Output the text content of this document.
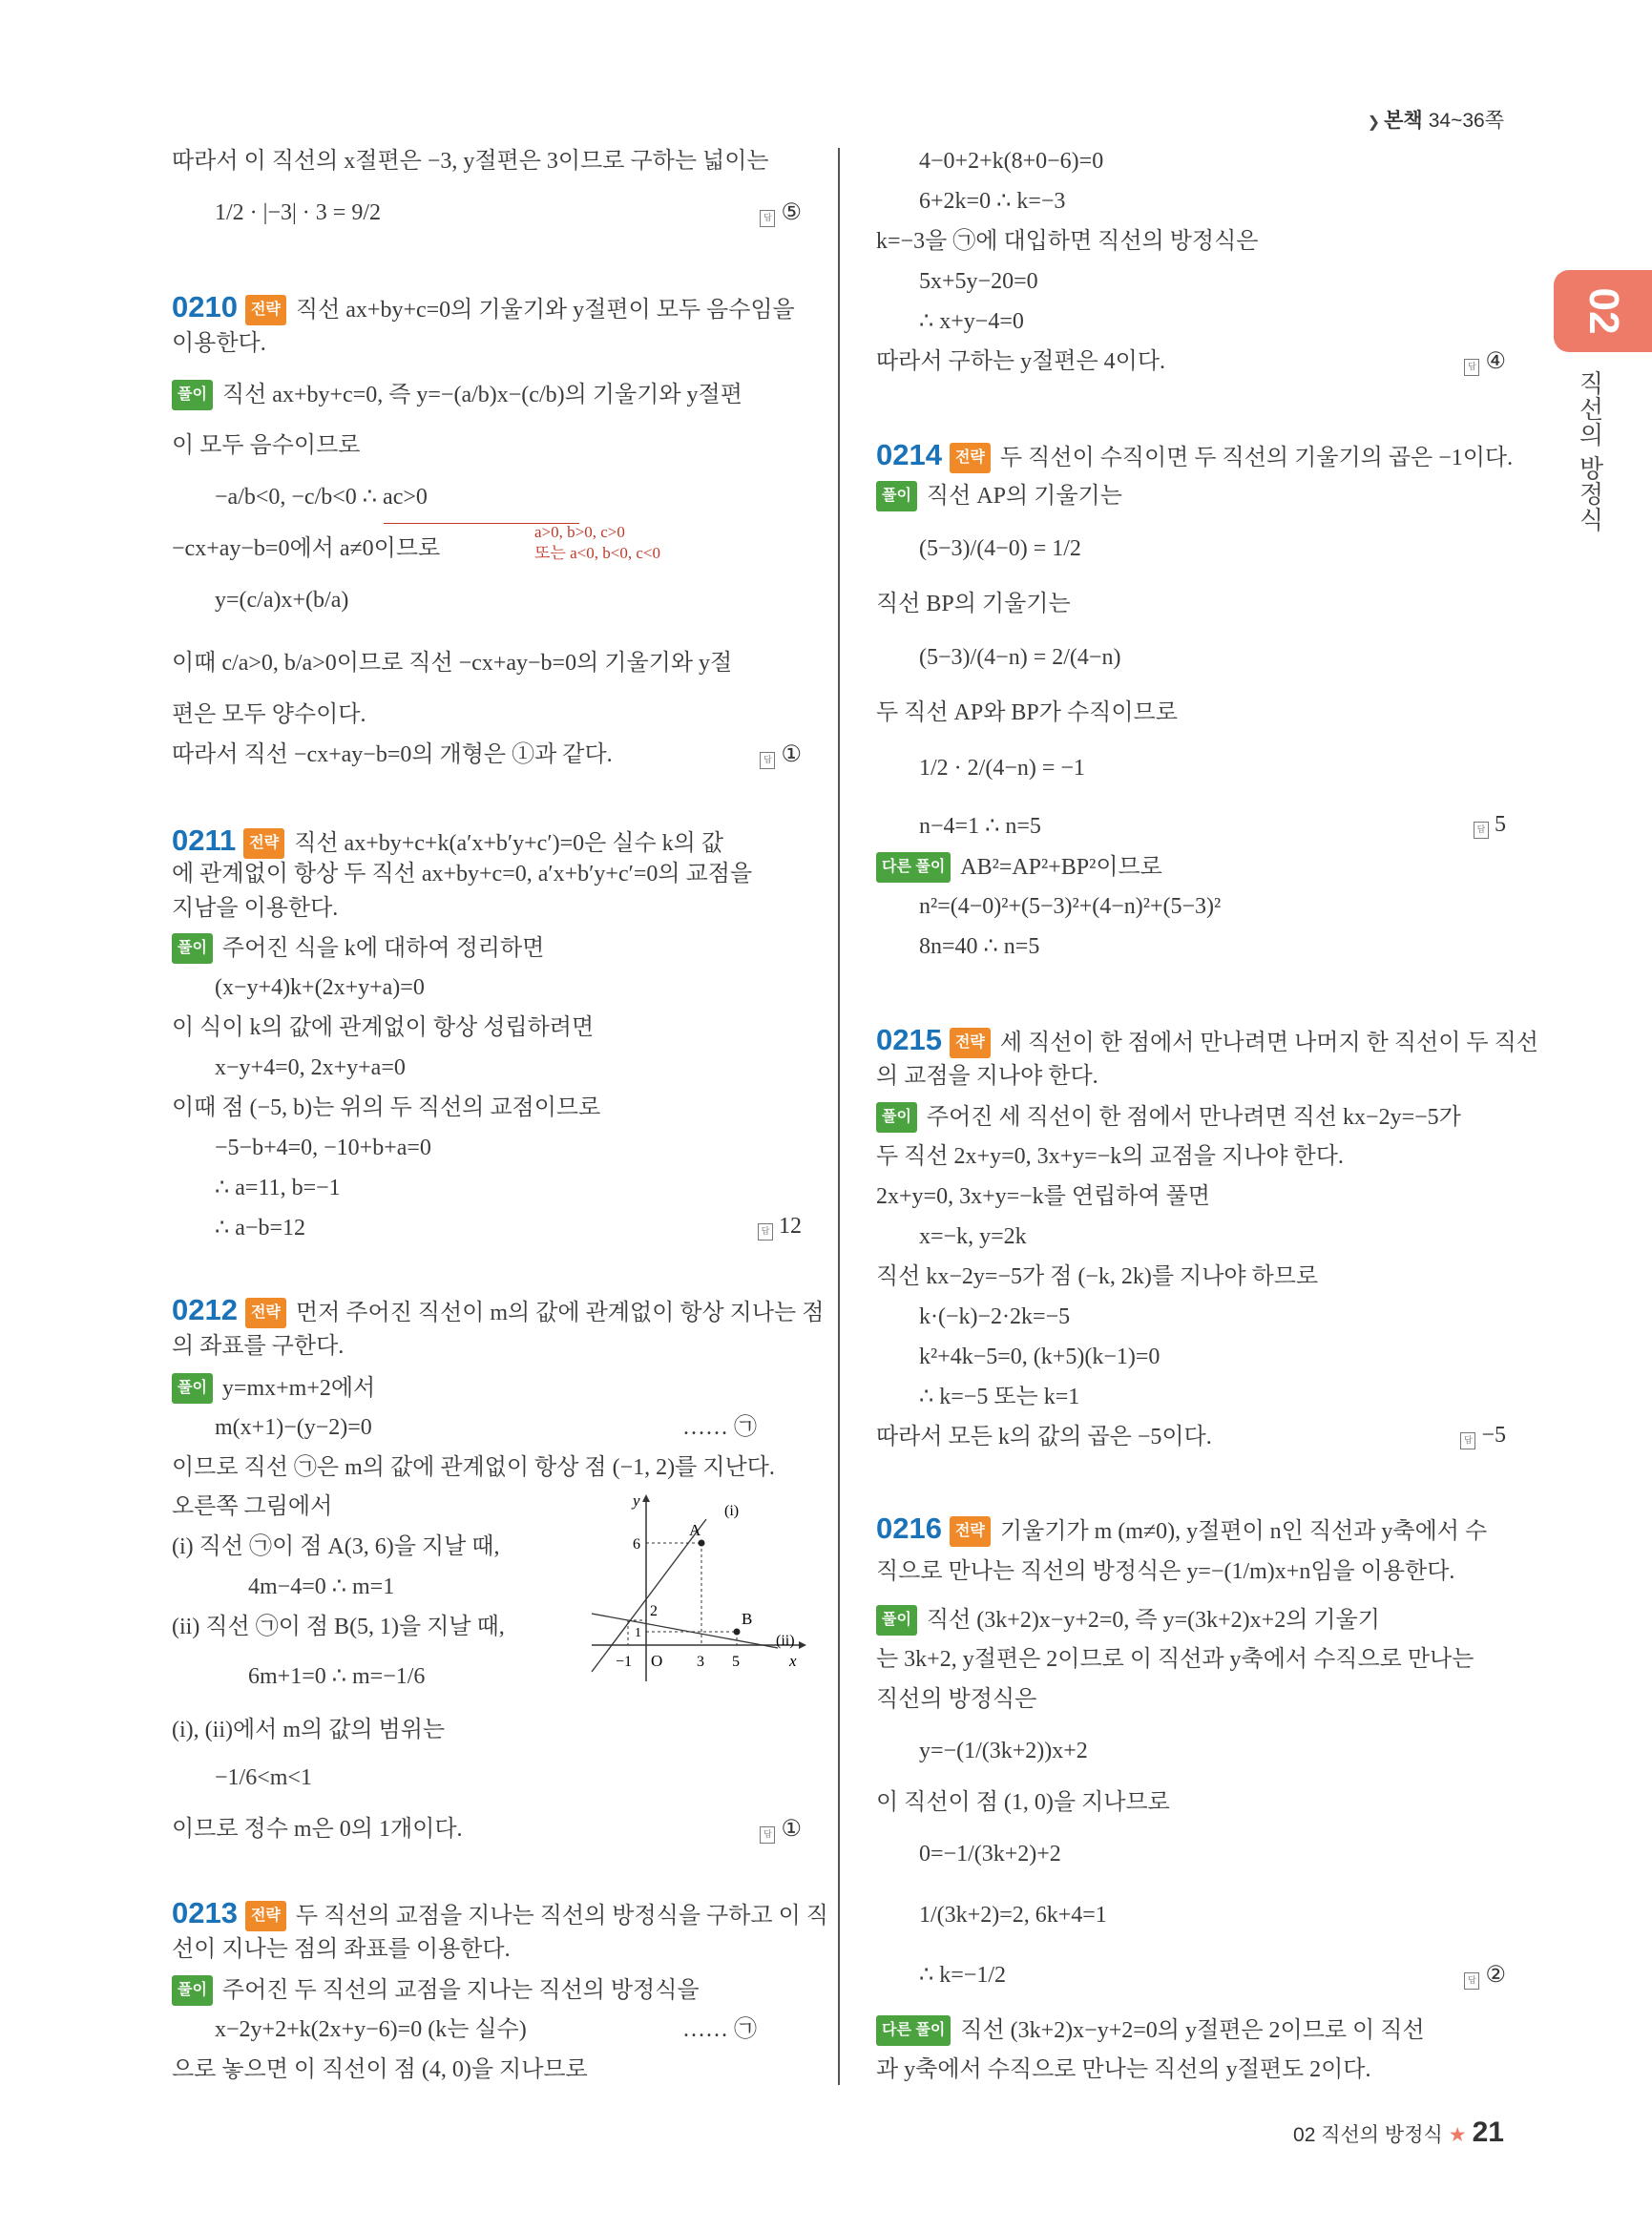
❯ 본책 34~36쪽
02
직선의 방정식
따라서 이 직선의 x절편은 −3, y절편은 3이므로 구하는 넓이는
1/2 · |−3| · 3 = 9/2	답 ⑤
0210 전략 직선 ax+by+c=0의 기울기와 y절편이 모두 음수임을
이용한다.
풀이 직선 ax+by+c=0, 즉 y=−(a/b)x−(c/b)의 기울기와 y절편
이 모두 음수이므로
−a/b<0, −c/b<0 ∴ ac>0
−cx+ay−b=0에서 a≠0이므로
a>0, b>0, c>0
또는 a<0, b<0, c<0
y=(c/a)x+(b/a)
이때 c/a>0, b/a>0이므로 직선 −cx+ay−b=0의 기울기와 y절
편은 모두 양수이다.
따라서 직선 −cx+ay−b=0의 개형은 ①과 같다.	답 ①
0211 전략 직선 ax+by+c+k(a′x+b′y+c′)=0은 실수 k의 값
에 관계없이 항상 두 직선 ax+by+c=0, a′x+b′y+c′=0의 교점을
지남을 이용한다.
풀이 주어진 식을 k에 대하여 정리하면
(x−y+4)k+(2x+y+a)=0
이 식이 k의 값에 관계없이 항상 성립하려면
x−y+4=0, 2x+y+a=0
이때 점 (−5, b)는 위의 두 직선의 교점이므로
−5−b+4=0, −10+b+a=0
∴ a=11, b=−1
∴ a−b=12	답 12
0212 전략 먼저 주어진 직선이 m의 값에 관계없이 항상 지나는 점
의 좌표를 구한다.
풀이 y=mx+m+2에서
m(x+1)−(y−2)=0	…… ㉠
이므로 직선 ㉠은 m의 값에 관계없이 항상 점 (−1, 2)를 지난다.
오른쪽 그림에서
(i) 직선 ㉠이 점 A(3, 6)을 지날 때,
4m−4=0 ∴ m=1
(ii) 직선 ㉠이 점 B(5, 1)을 지날 때,
6m+1=0 ∴ m=−1/6
(i), (ii)에서 m의 값의 범위는
−1/6<m<1
이므로 정수 m은 0의 1개이다.	답 ①
0213 전략 두 직선의 교점을 지나는 직선의 방정식을 구하고 이 직
선이 지나는 점의 좌표를 이용한다.
풀이 주어진 두 직선의 교점을 지나는 직선의 방정식을
x−2y+2+k(2x+y−6)=0 (k는 실수)	…… ㉠
으로 놓으면 이 직선이 점 (4, 0)을 지나므로
y
x
O
−1	3 5
6
2
1
A
B
(i)
(ii)
4−0+2+k(8+0−6)=0
6+2k=0 ∴ k=−3
k=−3을 ㉠에 대입하면 직선의 방정식은
5x+5y−20=0
∴ x+y−4=0
따라서 구하는 y절편은 4이다.	답 ④
0214 전략 두 직선이 수직이면 두 직선의 기울기의 곱은 −1이다.
풀이 직선 AP의 기울기는
(5−3)/(4−0) = 1/2
직선 BP의 기울기는
(5−3)/(4−n) = 2/(4−n)
두 직선 AP와 BP가 수직이므로
1/2 · 2/(4−n) = −1
n−4=1 ∴ n=5	답 5
다른 풀이 AB²=AP²+BP²이므로
n²=(4−0)²+(5−3)²+(4−n)²+(5−3)²
8n=40 ∴ n=5
0215 전략 세 직선이 한 점에서 만나려면 나머지 한 직선이 두 직선
의 교점을 지나야 한다.
풀이 주어진 세 직선이 한 점에서 만나려면 직선 kx−2y=−5가
두 직선 2x+y=0, 3x+y=−k의 교점을 지나야 한다.
2x+y=0, 3x+y=−k를 연립하여 풀면
x=−k, y=2k
직선 kx−2y=−5가 점 (−k, 2k)를 지나야 하므로
k·(−k)−2·2k=−5
k²+4k−5=0, (k+5)(k−1)=0
∴ k=−5 또는 k=1
따라서 모든 k의 값의 곱은 −5이다.	답 −5
0216 전략 기울기가 m (m≠0), y절편이 n인 직선과 y축에서 수
직으로 만나는 직선의 방정식은 y=−(1/m)x+n임을 이용한다.
풀이 직선 (3k+2)x−y+2=0, 즉 y=(3k+2)x+2의 기울기
는 3k+2, y절편은 2이므로 이 직선과 y축에서 수직으로 만나는
직선의 방정식은
y=−(1/(3k+2))x+2
이 직선이 점 (1, 0)을 지나므로
0=−1/(3k+2)+2
1/(3k+2)=2, 6k+4=1
∴ k=−1/2	답 ②
다른 풀이 직선 (3k+2)x−y+2=0의 y절편은 2이므로 이 직선
과 y축에서 수직으로 만나는 직선의 y절편도 2이다.
02 직선의 방정식 ★ 21
